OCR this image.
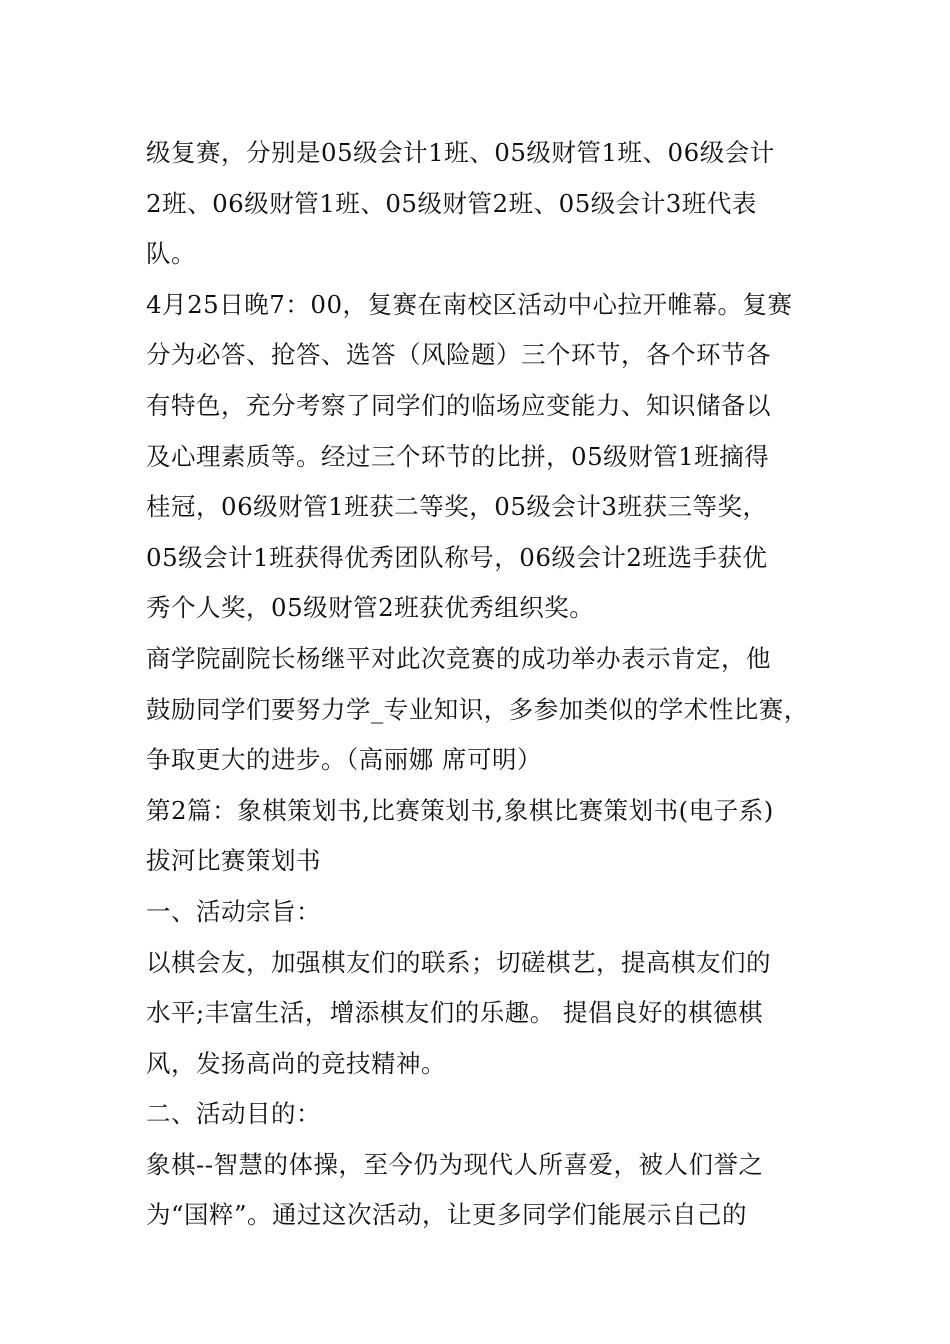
级复赛，分别是05级会计1班、05级财管1班、06级会计
2班、06级财管1班、05级财管2班、05级会计3班代表
队。
4月25日晚7：00，复赛在南校区活动中心拉开帷幕。复赛
分为必答、抢答、选答（风险题）三个环节，各个环节各
有特色，充分考察了同学们的临场应变能力、知识储备以
及心理素质等。经过三个环节的比拼，05级财管1班摘得
桂冠，06级财管1班获二等奖，05级会计3班获三等奖，
05级会计1班获得优秀团队称号，06级会计2班选手获优
秀个人奖，05级财管2班获优秀组织奖。
商学院副院长杨继平对此次竞赛的成功举办表示肯定，他
鼓励同学们要努力学_专业知识，多参加类似的学术性比赛，
争取更大的进步。（高丽娜 席可明）
第2篇：象棋策划书,比赛策划书,象棋比赛策划书(电子系)
拔河比赛策划书
一、活动宗旨：
以棋会友，加强棋友们的联系；切磋棋艺，提高棋友们的
水平;丰富生活，增添棋友们的乐趣。 提倡良好的棋德棋
风，发扬高尚的竞技精神。
二、活动目的：
象棋--智慧的体操，至今仍为现代人所喜爱，被人们誉之
为“国粹”。通过这次活动，让更多同学们能展示自己的
